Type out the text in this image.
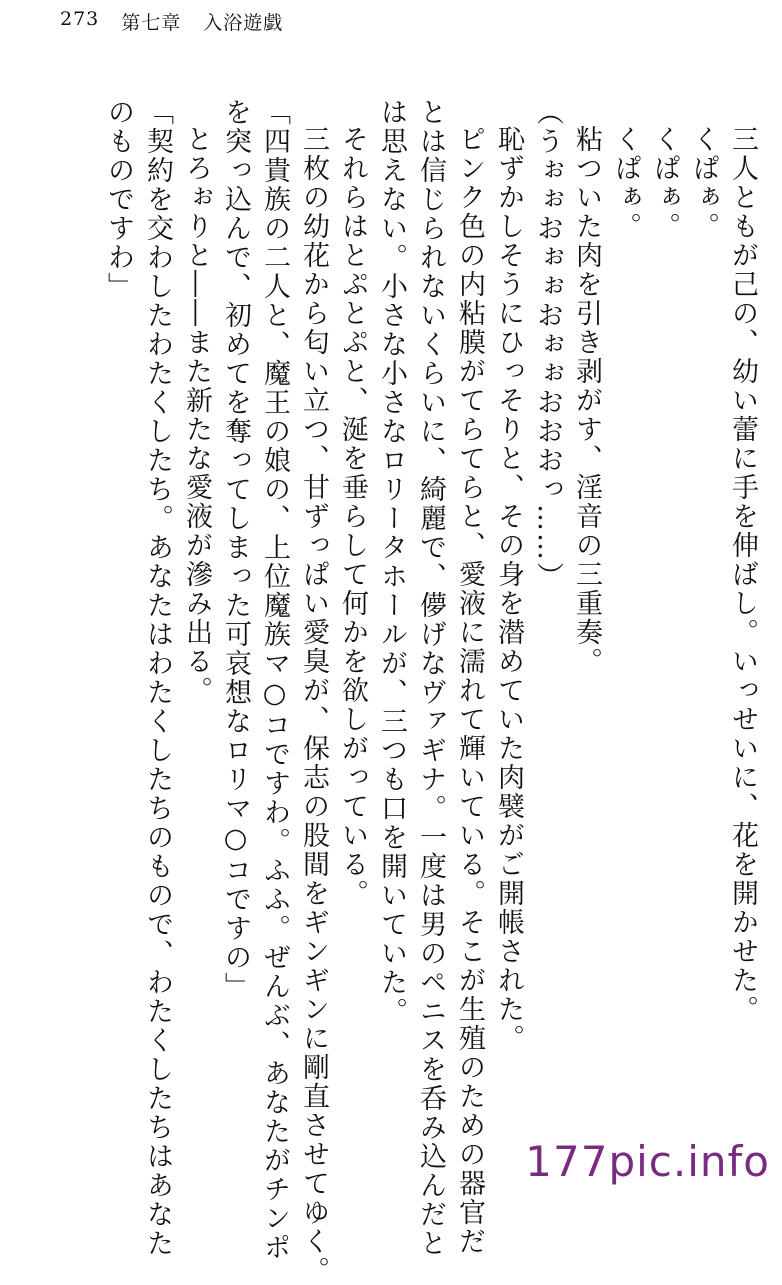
273 第七章 入浴遊戯

三人ともが己の、幼い蕾に手を伸ばし。いっせいに、花を開かせた。

くぱぁ。

くぱぁ。

くぱぁ。

粘ついた肉を引き剥がす、淫音の三重奏。

（うぉぉおぉぉおぉぉおおおっ……）

恥ずかしそうにひっそりと、その身を潜めていた肉襞がご開帳された。

ピンク色の内粘膜がてらてらと、愛液に濡れて輝いている。そこが生殖のための器官だ

とは信じられないくらいに、綺麗で、儚げなヴァギナ。一度は男のペニスを呑み込んだと

は思えない。小さな小さなロリータホールが、三つも口を開いていた。

それらはとぷとぷと、涎を垂らして何かを欲しがっている。

三枚の幼花から匂い立つ、甘ずっぱい愛臭が、保志の股間をギンギンに剛直させてゆく。

「四貴族の二人と、魔王の娘の、上位魔族マ○コですわ。ふふ。ぜんぶ、あなたがチンポ

を突っ込んで、初めてを奪ってしまった可哀想なロリマ○コですの」

とろぉりと――また新たな愛液が滲み出る。

「契約を交わしたわたくしたち。あなたはわたくしたちのもので、わたくしたちはあなた

のものですわ」

177pic.info
